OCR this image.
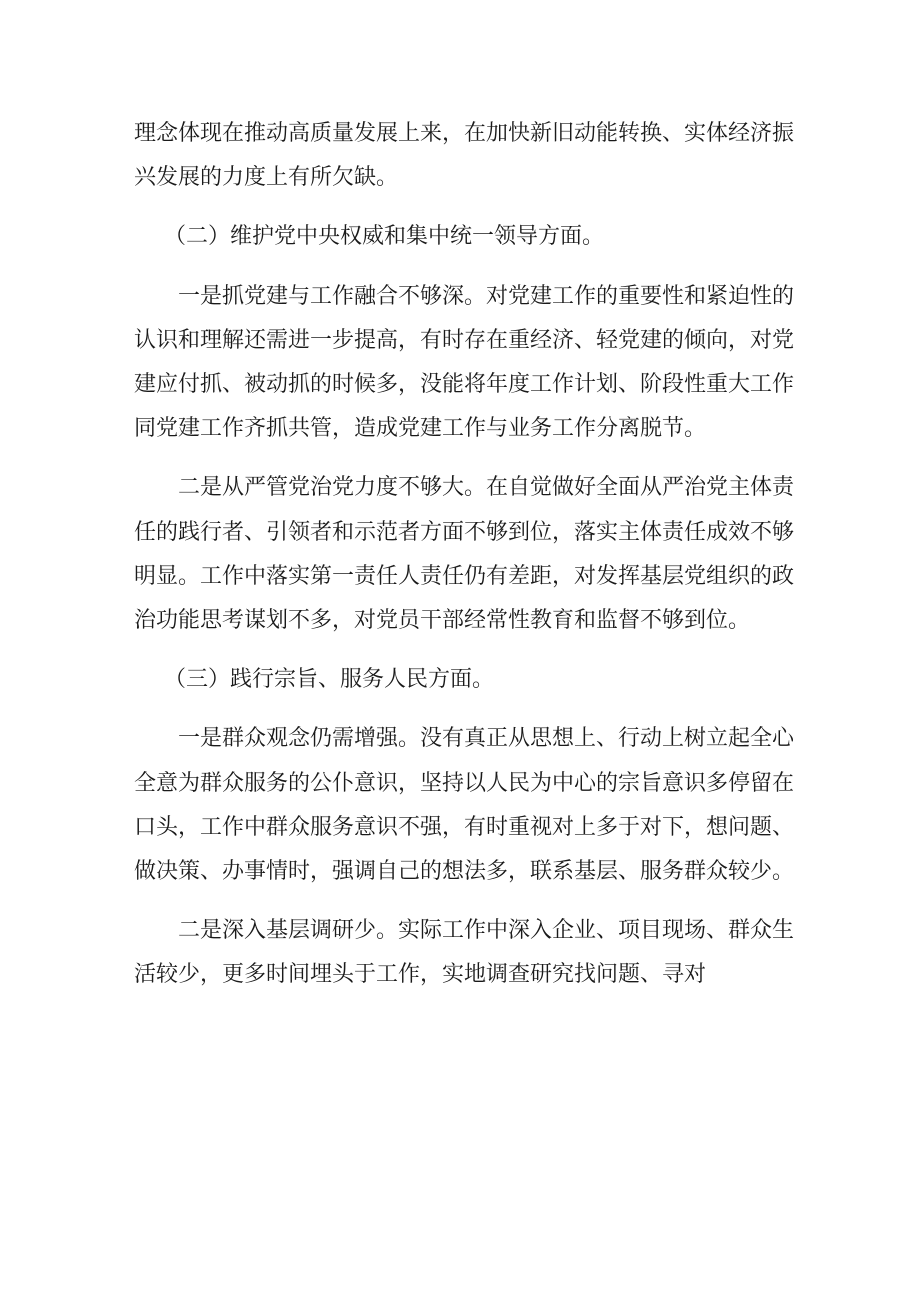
理念体现在推动高质量发展上来，在加快新旧动能转换、实体经济振兴发展的力度上有所欠缺。

（二）维护党中央权威和集中统一领导方面。

一是抓党建与工作融合不够深。对党建工作的重要性和紧迫性的认识和理解还需进一步提高，有时存在重经济、轻党建的倾向，对党建应付抓、被动抓的时候多，没能将年度工作计划、阶段性重大工作同党建工作齐抓共管，造成党建工作与业务工作分离脱节。

二是从严管党治党力度不够大。在自觉做好全面从严治党主体责任的践行者、引领者和示范者方面不够到位，落实主体责任成效不够明显。工作中落实第一责任人责任仍有差距，对发挥基层党组织的政治功能思考谋划不多，对党员干部经常性教育和监督不够到位。

（三）践行宗旨、服务人民方面。

一是群众观念仍需增强。没有真正从思想上、行动上树立起全心全意为群众服务的公仆意识，坚持以人民为中心的宗旨意识多停留在口头，工作中群众服务意识不强，有时重视对上多于对下，想问题、做决策、办事情时，强调自己的想法多，联系基层、服务群众较少。

二是深入基层调研少。实际工作中深入企业、项目现场、群众生活较少，更多时间埋头于工作，实地调查研究找问题、寻对
